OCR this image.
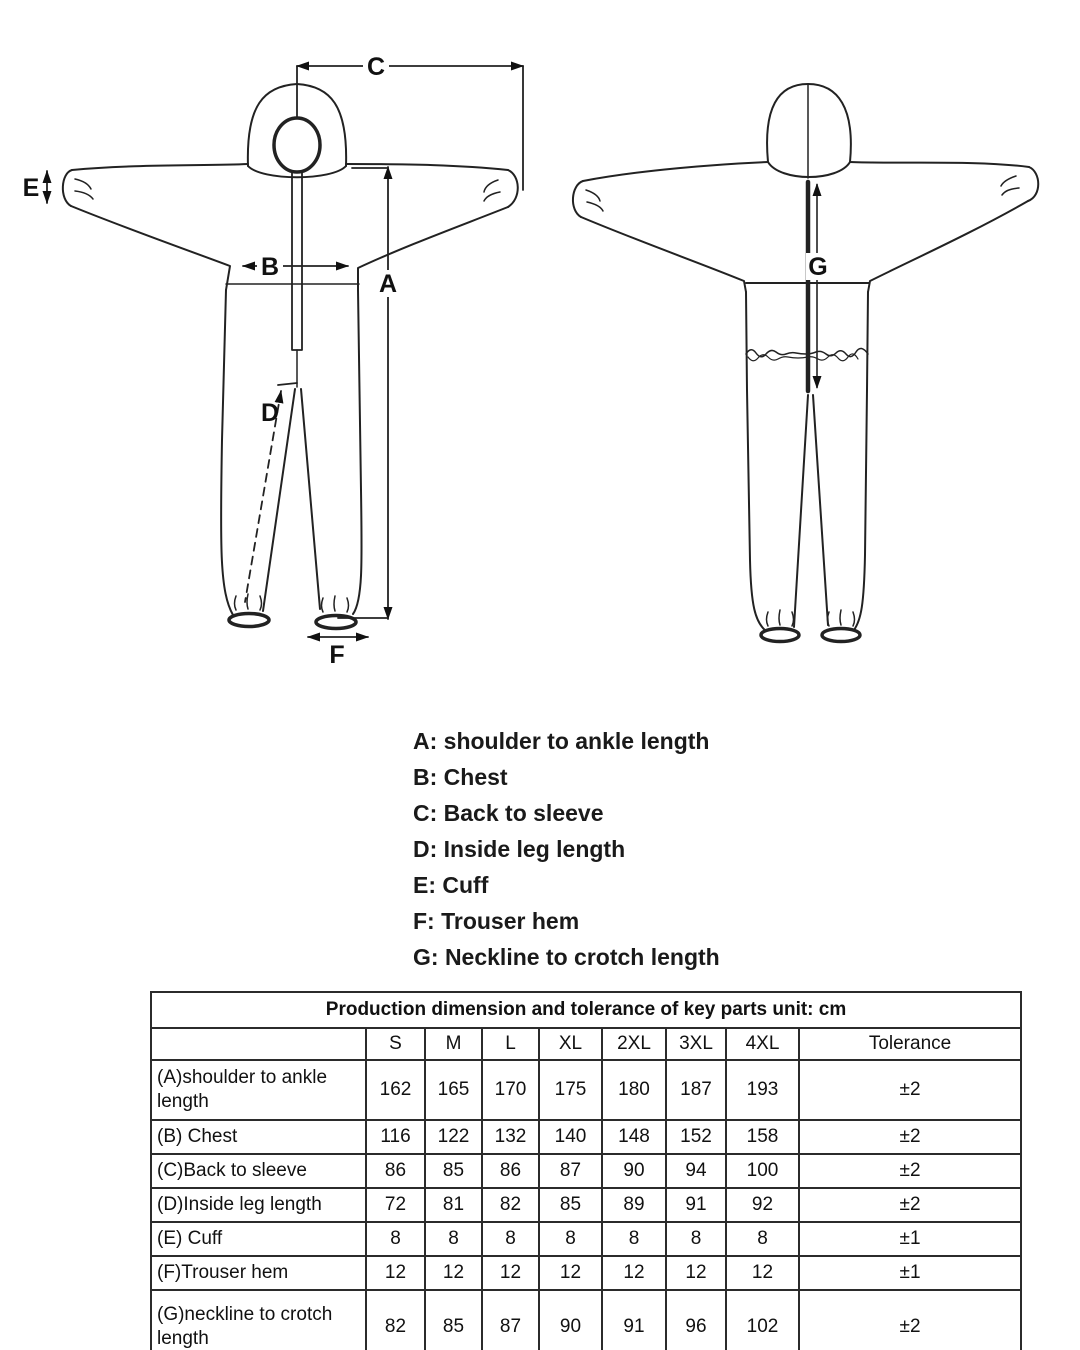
C
A
B
E
D
F
G
A: shoulder to ankle length
B: Chest
C: Back to sleeve
D: Inside leg length
E: Cuff
F: Trouser hem
G: Neckline to crotch length
Production dimension and tolerance of key parts unit: cm								
	S	M	L	XL	2XL	3XL	4XL	Tolerance
(A)shoulder to ankle length	162	165	170	175	180	187	193	±2
(B) Chest	116	122	132	140	148	152	158	±2
(C)Back to sleeve	86	85	86	87	90	94	100	±2
(D)Inside leg length	72	81	82	85	89	91	92	±2
(E) Cuff	8	8	8	8	8	8	8	±1
(F)Trouser hem	12	12	12	12	12	12	12	±1
(G)neckline to crotch length	82	85	87	90	91	96	102	±2
